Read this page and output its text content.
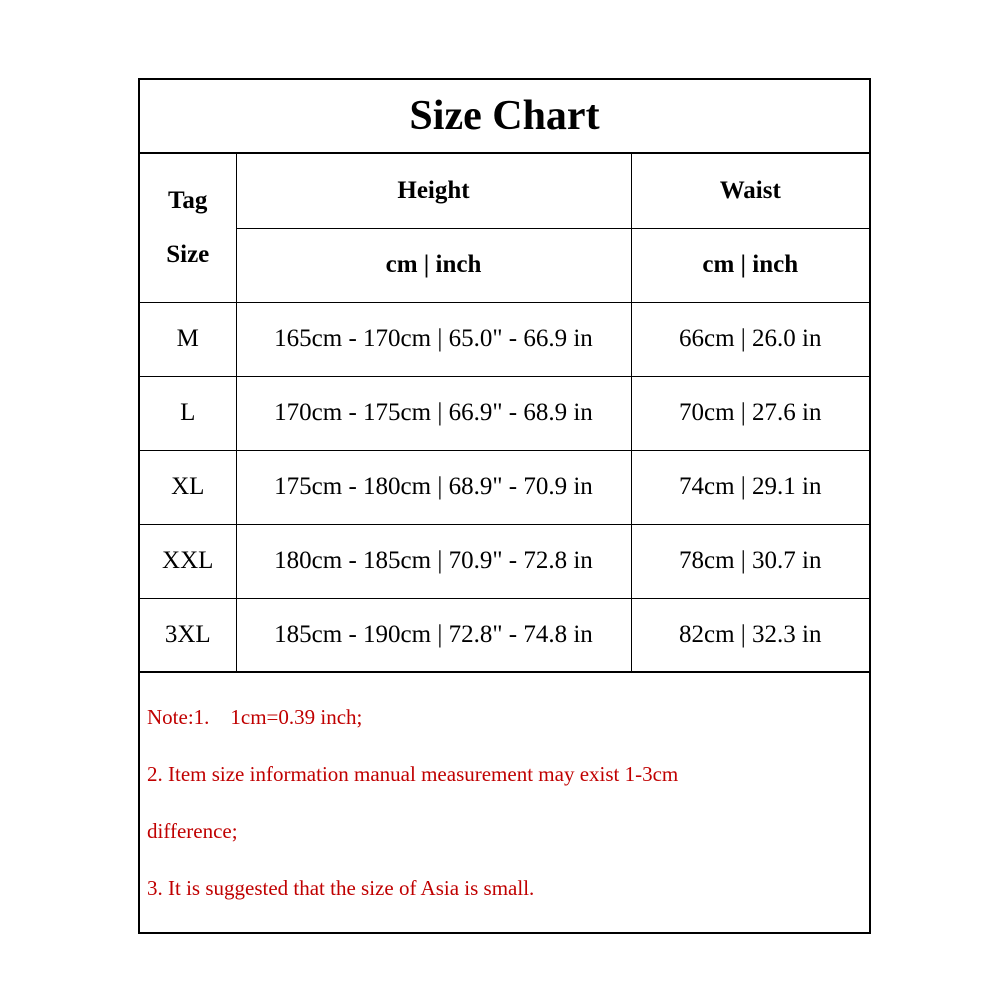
Size Chart
Tag
Size	Height	Waist
	cm | inch	cm | inch
M	165cm - 170cm | 65.0" - 66.9 in	66cm | 26.0 in
L	170cm - 175cm | 66.9" - 68.9 in	70cm | 27.6 in
XL	175cm - 180cm | 68.9" - 70.9 in	74cm | 29.1 in
XXL	180cm - 185cm | 70.9" - 72.8 in	78cm | 30.7 in
3XL	185cm - 190cm | 72.8" - 74.8 in	82cm | 32.3 in

Note:1.    1cm=0.39 inch;

2. Item size information manual measurement may exist 1-3cm

difference;

3. It is suggested that the size of Asia is small.
